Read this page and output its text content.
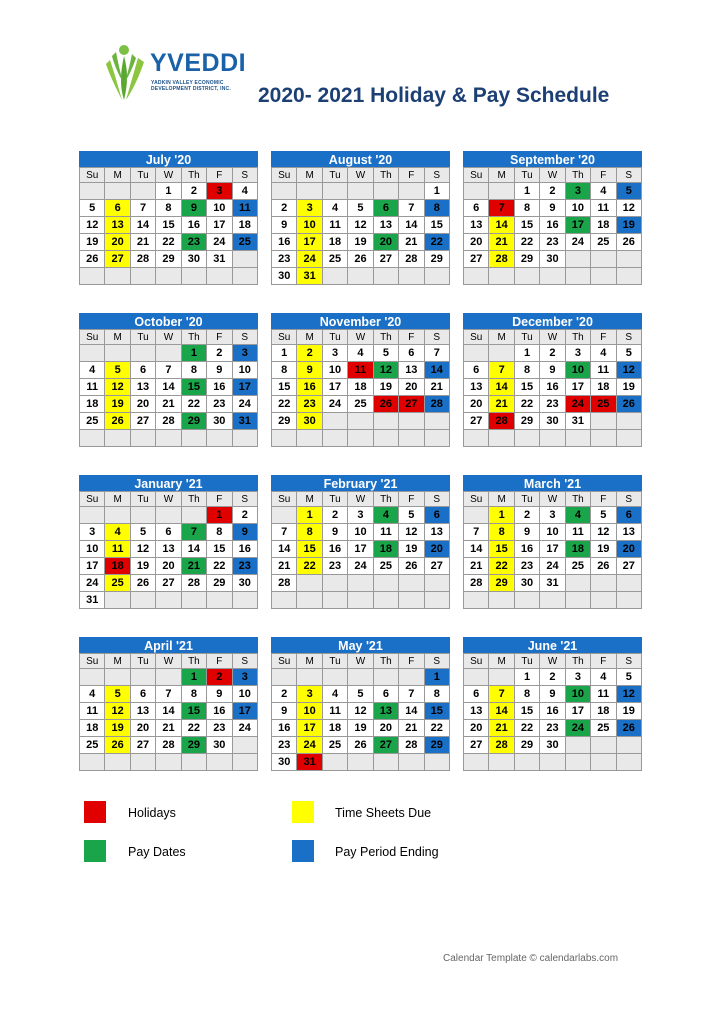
YVEDDI
YADKIN VALLEY ECONOMIC DEVELOPMENT DISTRICT, INC. 2020- 2021 Holiday & Pay Schedule
July '20
Su	M	Tu	W	Th	F	S
			1	2	3	4
5	6	7	8	9	10	11
12	13	14	15	16	17	18
19	20	21	22	23	24	25
26	27	28	29	30	31	

August '20
Su	M	Tu	W	Th	F	S
						1
2	3	4	5	6	7	8
9	10	11	12	13	14	15
16	17	18	19	20	21	22
23	24	25	26	27	28	29
30	31					
September '20
Su	M	Tu	W	Th	F	S
		1	2	3	4	5
6	7	8	9	10	11	12
13	14	15	16	17	18	19
20	21	22	23	24	25	26
27	28	29	30			

October '20
Su	M	Tu	W	Th	F	S
				1	2	3
4	5	6	7	8	9	10
11	12	13	14	15	16	17
18	19	20	21	22	23	24
25	26	27	28	29	30	31

November '20
Su	M	Tu	W	Th	F	S
1	2	3	4	5	6	7
8	9	10	11	12	13	14
15	16	17	18	19	20	21
22	23	24	25	26	27	28
29	30					

December '20
Su	M	Tu	W	Th	F	S
		1	2	3	4	5
6	7	8	9	10	11	12
13	14	15	16	17	18	19
20	21	22	23	24	25	26
27	28	29	30	31		

January '21
Su	M	Tu	W	Th	F	S
					1	2
3	4	5	6	7	8	9
10	11	12	13	14	15	16
17	18	19	20	21	22	23
24	25	26	27	28	29	30
31						
February '21
Su	M	Tu	W	Th	F	S
	1	2	3	4	5	6
7	8	9	10	11	12	13
14	15	16	17	18	19	20
21	22	23	24	25	26	27
28						

March '21
Su	M	Tu	W	Th	F	S
	1	2	3	4	5	6
7	8	9	10	11	12	13
14	15	16	17	18	19	20
21	22	23	24	25	26	27
28	29	30	31			

April '21
Su	M	Tu	W	Th	F	S
				1	2	3
4	5	6	7	8	9	10
11	12	13	14	15	16	17
18	19	20	21	22	23	24
25	26	27	28	29	30	

May '21
Su	M	Tu	W	Th	F	S
						1
2	3	4	5	6	7	8
9	10	11	12	13	14	15
16	17	18	19	20	21	22
23	24	25	26	27	28	29
30	31					
June '21
Su	M	Tu	W	Th	F	S
		1	2	3	4	5
6	7	8	9	10	11	12
13	14	15	16	17	18	19
20	21	22	23	24	25	26
27	28	29	30			

Holidays	Time Sheets Due
Pay Dates	Pay Period Ending
Calendar Template © calendarlabs.com
